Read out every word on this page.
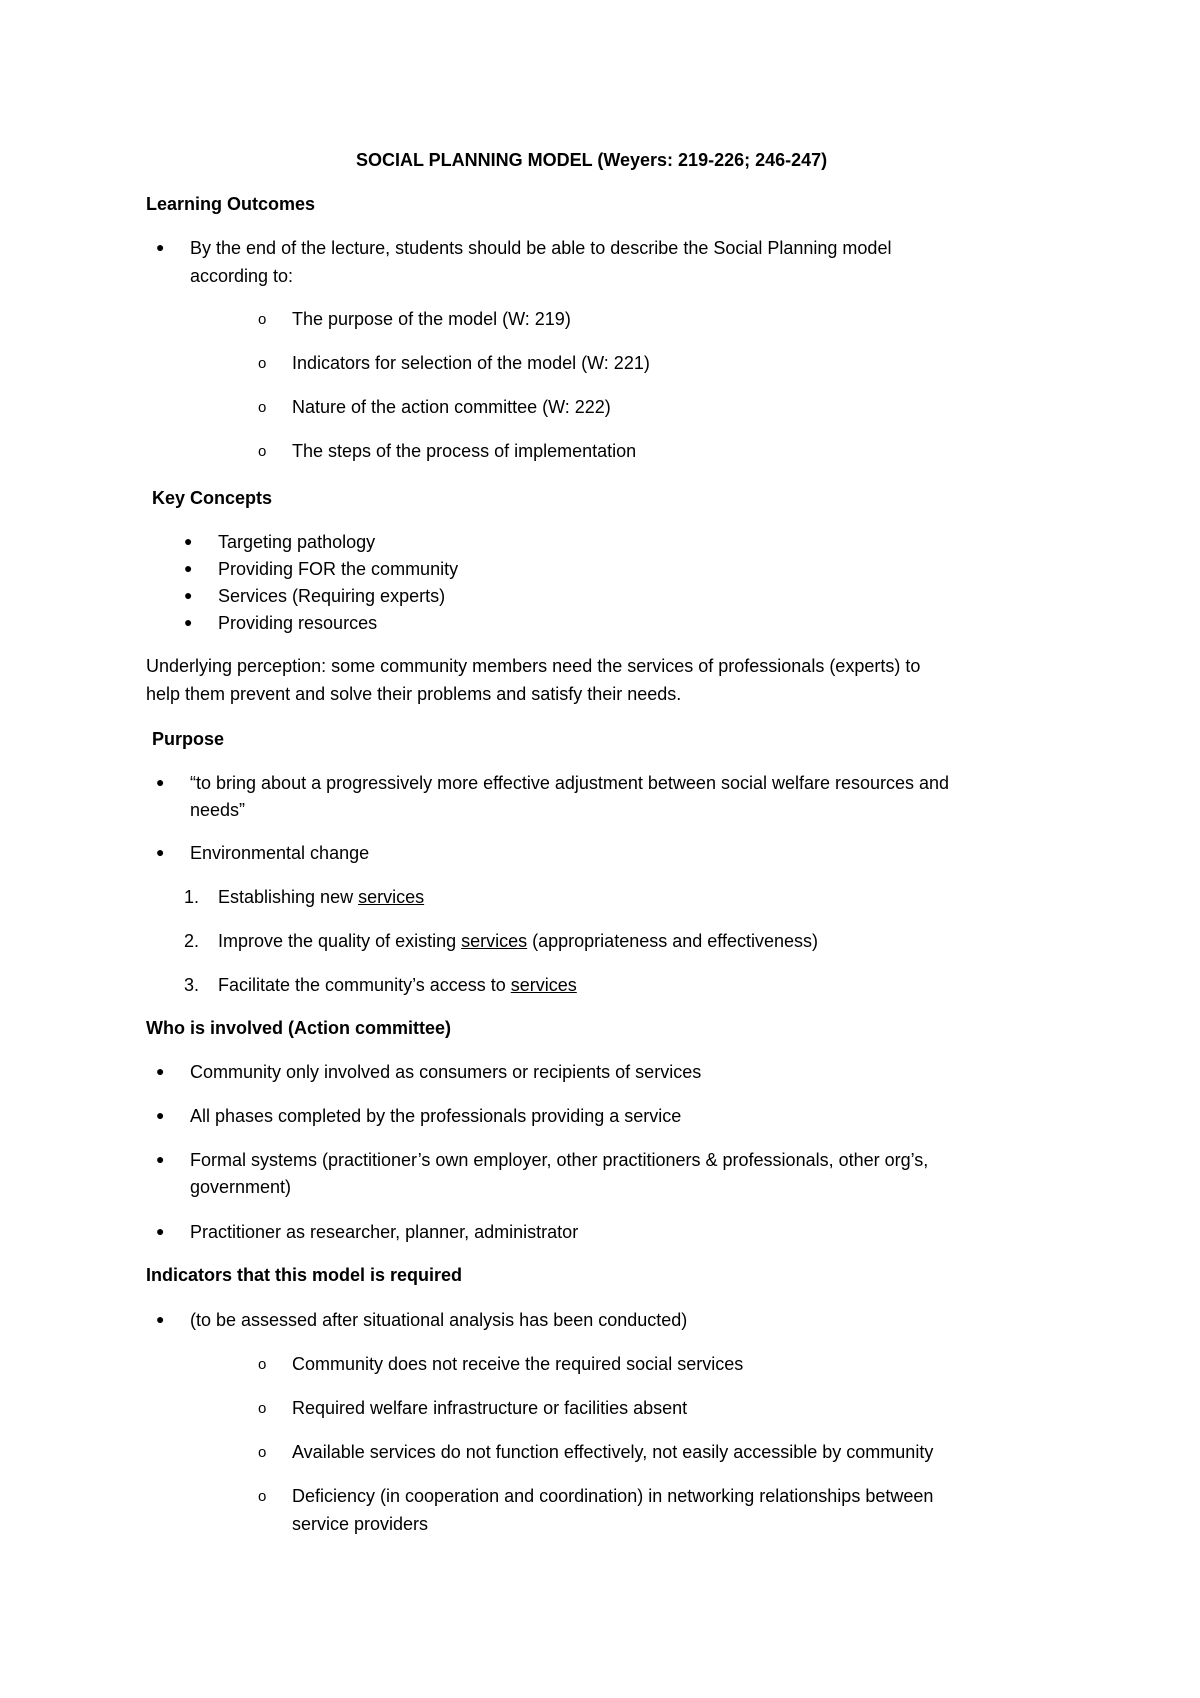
SOCIAL PLANNING MODEL (Weyers: 219-226; 246-247)
Learning Outcomes
● By the end of the lecture, students should be able to describe the Social Planning model
according to:
o The purpose of the model (W: 219)
o Indicators for selection of the model (W: 221)
o Nature of the action committee (W: 222)
o The steps of the process of implementation
Key Concepts
● Targeting pathology
● Providing FOR the community
● Services (Requiring experts)
● Providing resources
Underlying perception: some community members need the services of professionals (experts) to
help them prevent and solve their problems and satisfy their needs.
Purpose
● “to bring about a progressively more effective adjustment between social welfare resources and
needs”
● Environmental change
1. Establishing new services
2. Improve the quality of existing services (appropriateness and effectiveness)
3. Facilitate the community’s access to services
Who is involved (Action committee)
● Community only involved as consumers or recipients of services
● All phases completed by the professionals providing a service
● Formal systems (practitioner’s own employer, other practitioners & professionals, other org’s,
government)
● Practitioner as researcher, planner, administrator
Indicators that this model is required
● (to be assessed after situational analysis has been conducted)
o Community does not receive the required social services
o Required welfare infrastructure or facilities absent
o Available services do not function effectively, not easily accessible by community
o Deficiency (in cooperation and coordination) in networking relationships between
service providers
